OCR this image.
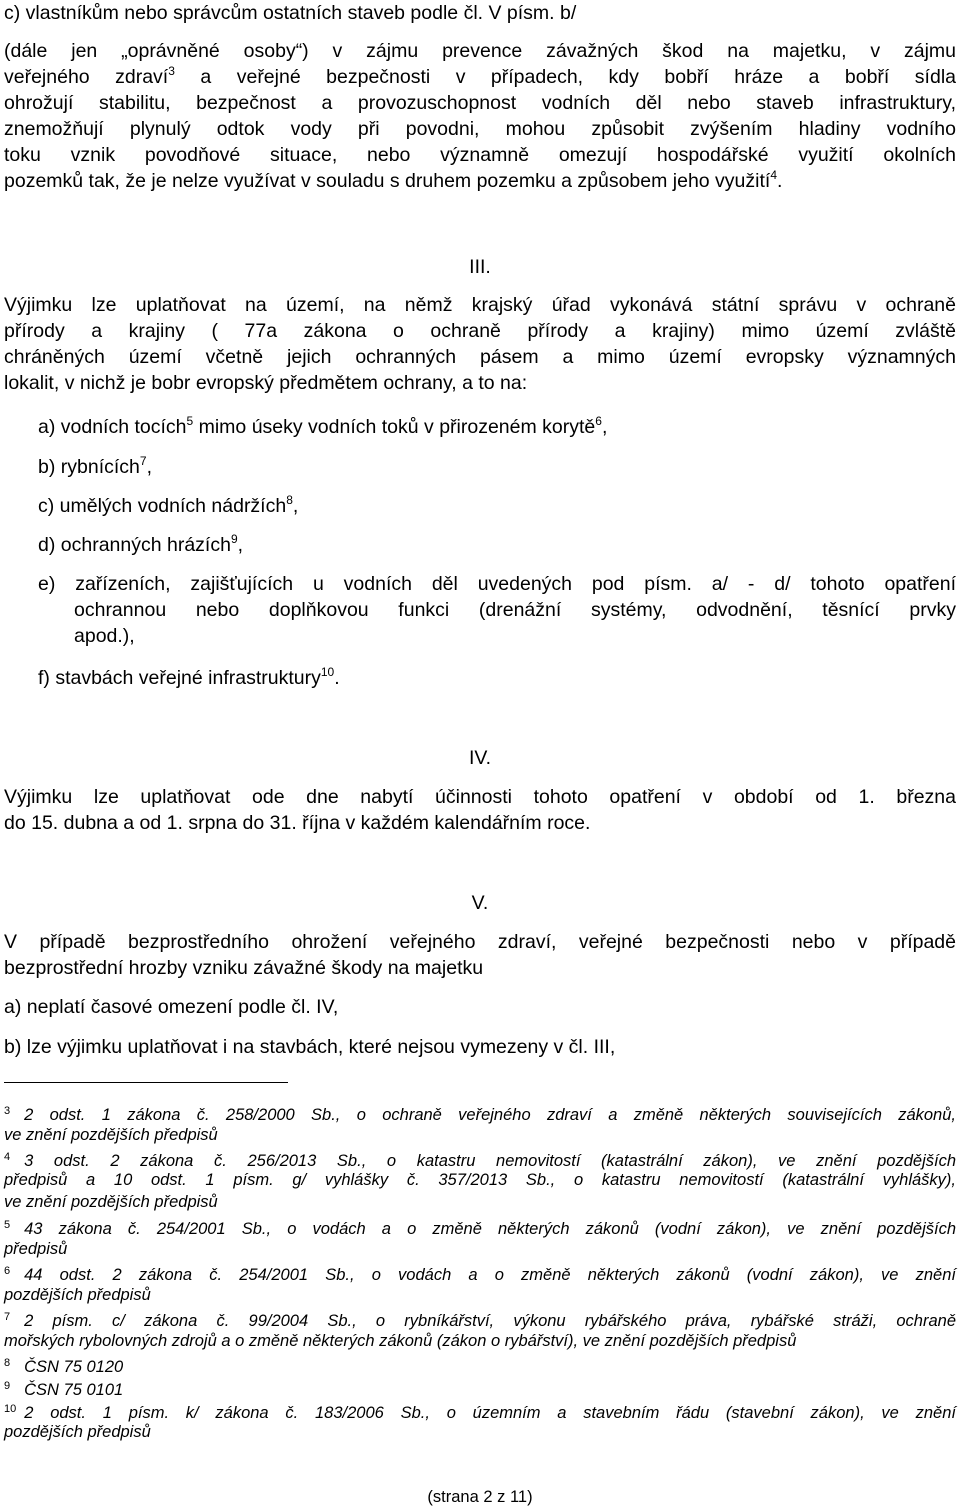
c) vlastníkům nebo správcům ostatních staveb podle čl. V písm. b/
(dále jen „oprávněné osoby“) v zájmu prevence závažných škod na majetku, v zájmu
veřejného zdraví$^3$ a veřejné bezpečnosti v případech, kdy bobří hráze a bobří sídla
ohrožují stabilitu, bezpečnost a provozuschopnost vodních děl nebo staveb infrastruktury,
znemožňují plynulý odtok vody při povodni, mohou způsobit zvýšením hladiny vodního
toku vznik povodňové situace, nebo významně omezují hospodářské využití okolních
pozemků tak, že je nelze využívat v souladu s druhem pozemku a způsobem jeho využití$^4$.
III.
Výjimku lze uplatňovat na území, na němž krajský úřad vykonává státní správu v ochraně
přírody a krajiny ( 77a zákona o ochraně přírody a krajiny) mimo území zvláště
chráněných území včetně jejich ochranných pásem a mimo území evropsky významných
lokalit, v nichž je bobr evropský předmětem ochrany, a to na:
a) vodních tocích$^5$ mimo úseky vodních toků v přirozeném korytě$^6$,
b) rybnících$^7$,
c) umělých vodních nádržích$^8$,
d) ochranných hrázích$^9$,
e) zařízeních, zajišťujících u vodních děl uvedených pod písm. a/ - d/ tohoto opatření
ochrannou nebo doplňkovou funkci (drenážní systémy, odvodnění, těsnící prvky
apod.),
f) stavbách veřejné infrastruktury$^{10}$.
IV.
Výjimku lze uplatňovat ode dne nabytí účinnosti tohoto opatření v období od 1. března
do 15. dubna a od 1. srpna do 31. října v každém kalendářním roce.
V.
V případě bezprostředního ohrožení veřejného zdraví, veřejné bezpečnosti nebo v případě
bezprostřední hrozby vzniku závažné škody na majetku
a) neplatí časové omezení podle čl. IV,
b) lze výjimku uplatňovat i na stavbách, které nejsou vymezeny v čl. III,
$^3$ 2 odst. 1 zákona č. 258/2000 Sb., o ochraně veřejného zdraví a změně některých souvisejících zákonů,
ve znění pozdějších předpisů
$^4$ 3 odst. 2 zákona č. 256/2013 Sb., o katastru nemovitostí (katastrální zákon), ve znění pozdějších
předpisů a 10 odst. 1 písm. g/ vyhlášky č. 357/2013 Sb., o katastru nemovitostí (katastrální vyhlášky),
ve znění pozdějších předpisů
$^5$ 43 zákona č. 254/2001 Sb., o vodách a o změně některých zákonů (vodní zákon), ve znění pozdějších
předpisů
$^6$ 44 odst. 2 zákona č. 254/2001 Sb., o vodách a o změně některých zákonů (vodní zákon), ve znění
pozdějších předpisů
$^7$ 2 písm. c/ zákona č. 99/2004 Sb., o rybníkářství, výkonu rybářského práva, rybářské stráži, ochraně
mořských rybolovných zdrojů a o změně některých zákonů (zákon o rybářství), ve znění pozdějších předpisů
$^8$ ČSN 75 0120
$^9$ ČSN 75 0101
$^{10}$ 2 odst. 1 písm. k/ zákona č. 183/2006 Sb., o územním a stavebním řádu (stavební zákon), ve znění
pozdějších předpisů
(strana 2 z 11)
